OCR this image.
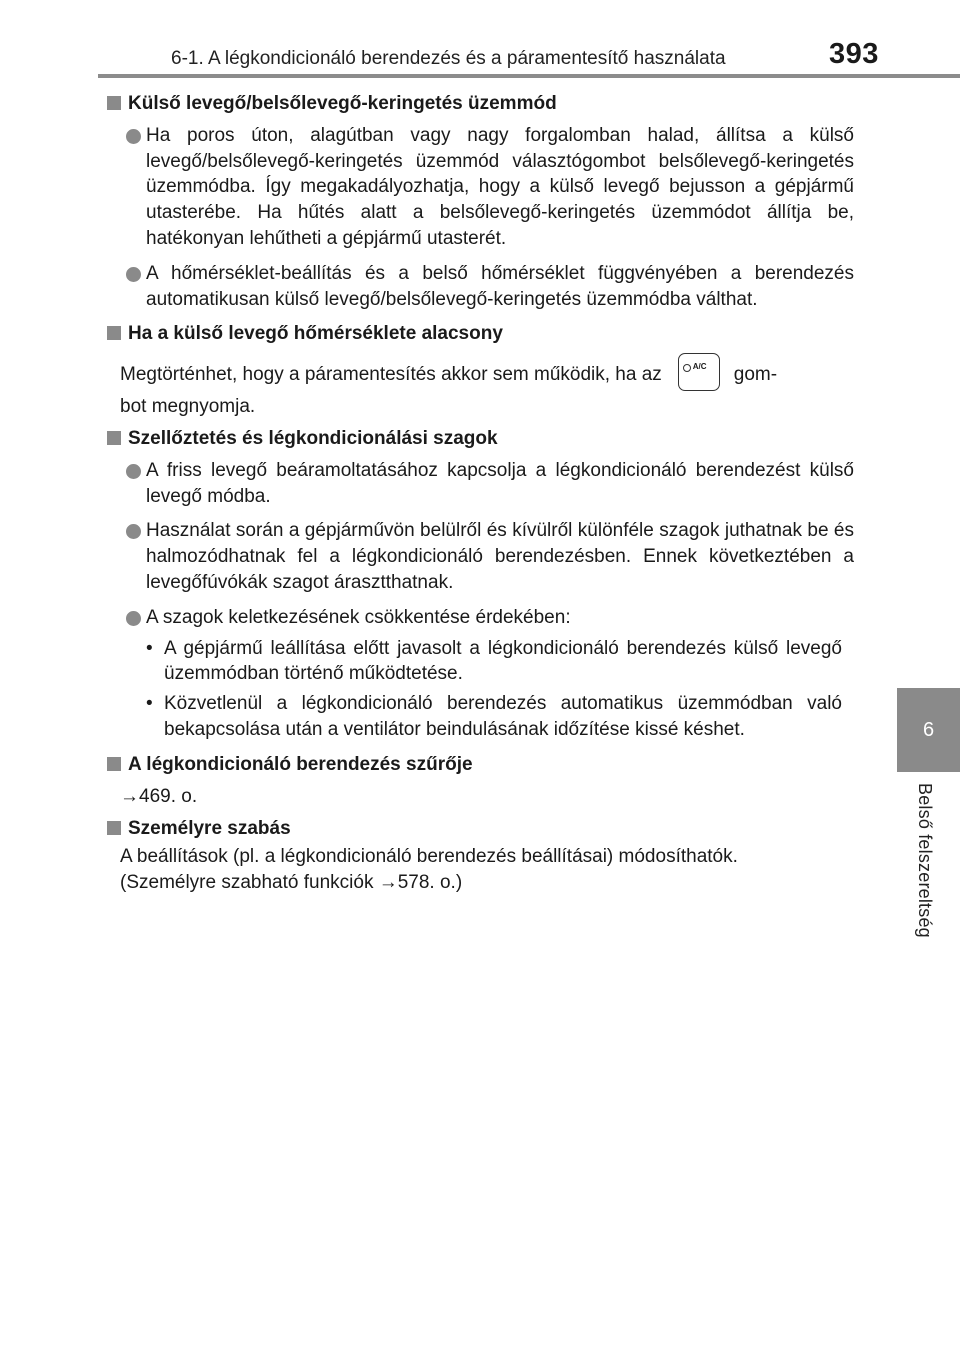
6-1. A légkondicionáló berendezés és a páramentesítő használata	393
6
Belső felszereltség
Külső levegő/belsőlevegő-keringetés üzemmód
Ha poros úton, alagútban vagy nagy forgalomban halad, állítsa a külső levegő/belsőlevegő-keringetés üzemmód választógombot belsőlevegő-keringetés üzemmódba. Így megakadályozhatja, hogy a külső levegő bejusson a gépjármű utasterébe. Ha hűtés alatt a belsőlevegő-keringetés üzemmódot állítja be, hatékonyan lehűtheti a gépjármű utasterét.
A hőmérséklet-beállítás és a belső hőmérséklet függvényében a berendezés automatikusan külső levegő/belsőlevegő-keringetés üzemmódba válthat.
Ha a külső levegő hőmérséklete alacsony
Megtörténhet, hogy a páramentesítés akkor sem működik, ha az	A/C gom-
bot megnyomja.
Szellőztetés és légkondicionálási szagok
A friss levegő beáramoltatásához kapcsolja a légkondicionáló berendezést külső levegő módba.
Használat során a gépjárművön belülről és kívülről különféle szagok juthatnak be és halmozódhatnak fel a légkondicionáló berendezésben. Ennek következtében a levegőfúvókák szagot árasztthatnak.
A szagok keletkezésének csökkentése érdekében:
• A gépjármű leállítása előtt javasolt a légkondicionáló berendezés külső levegő üzemmódban történő működtetése.
• Közvetlenül a légkondicionáló berendezés automatikus üzemmódban való bekapcsolása után a ventilátor beindulásának időzítése kissé késhet.
A légkondicionáló berendezés szűrője
→469. o.
Személyre szabás
A beállítások (pl. a légkondicionáló berendezés beállításai) módosíthatók.
(Személyre szabható funkciók →578. o.)
